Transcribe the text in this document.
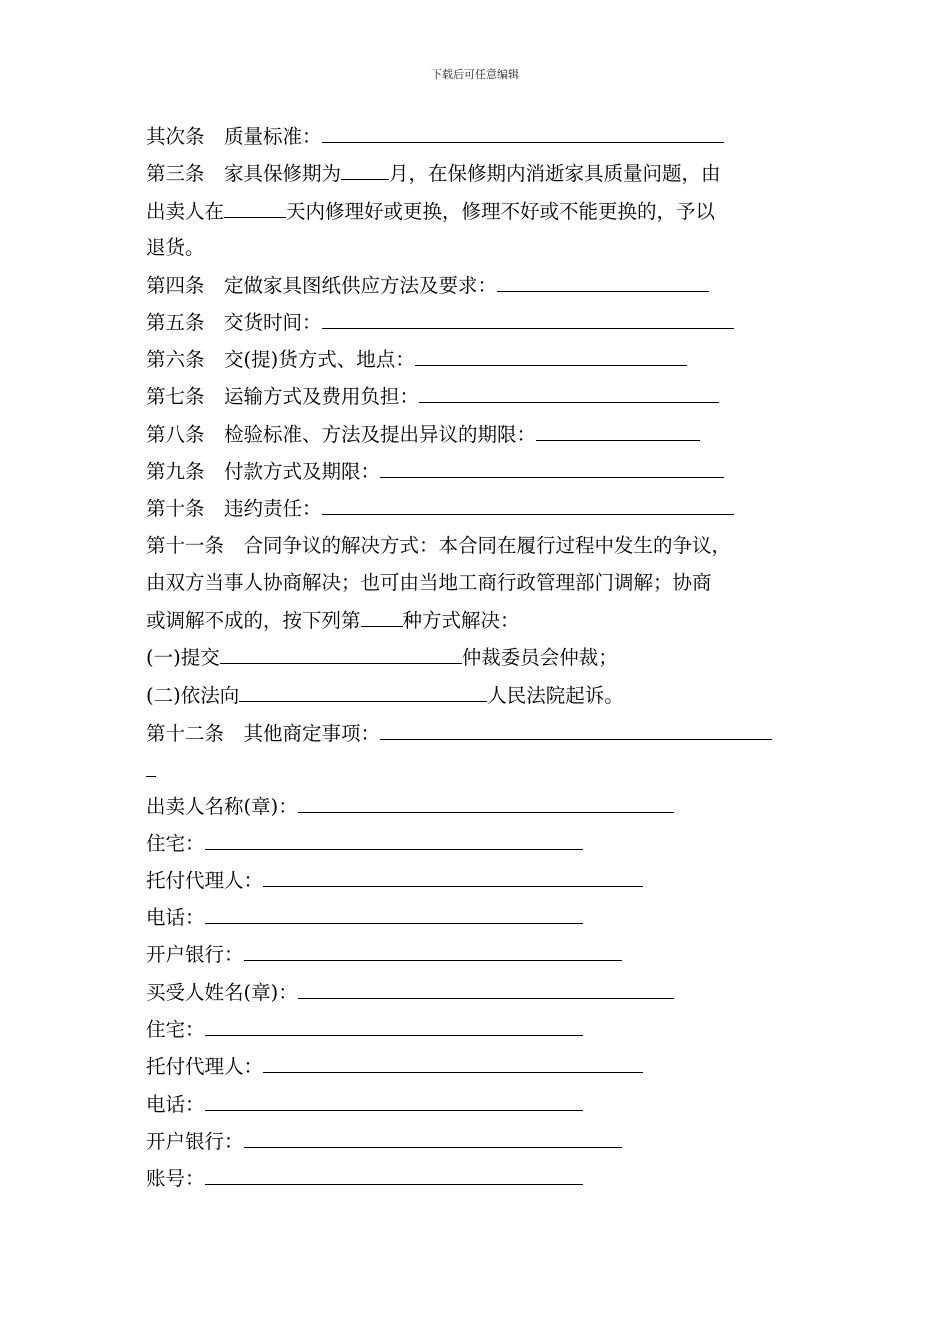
下载后可任意编辑
其次条　质量标准：
第三条　家具保修期为 月，在保修期内消逝家具质量问题，由
出卖人在	天内修理好或更换，修理不好或不能更换的，予以
退货。
第四条　定做家具图纸供应方法及要求：
第五条　交货时间：
第六条　交(提)货方式、地点：
第七条　运输方式及费用负担：
第八条　检验标准、方法及提出异议的期限：
第九条　付款方式及期限：
第十条　违约责任：
第十一条　合同争议的解决方式：本合同在履行过程中发生的争议，
由双方当事人协商解决；也可由当地工商行政管理部门调解；协商
或调解不成的，按下列第 种方式解决：
(一)提交	仲裁委员会仲裁；
(二)依法向	人民法院起诉。
第十二条　其他商定事项：
出卖人名称(章)：
住宅：
托付代理人：
电话：
开户银行：
买受人姓名(章)：
住宅：
托付代理人：
电话：
开户银行：
账号：
